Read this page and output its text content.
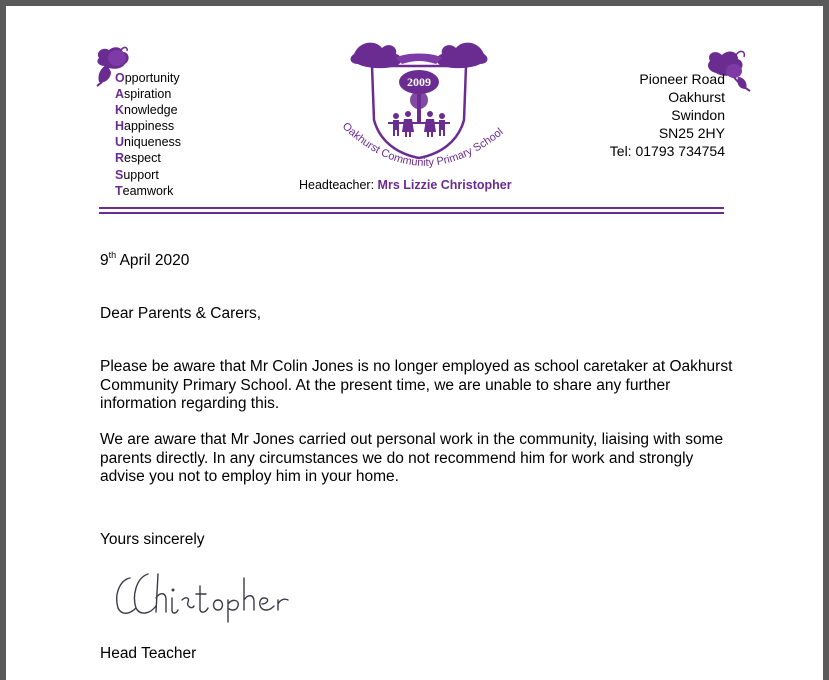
Opportunity
Aspiration
Knowledge
Happiness
Uniqueness
Respect
Support
Teamwork
2009
Oakhurst Community Primary School
Headteacher: Mrs Lizzie Christopher
Pioneer Road
Oakhurst
Swindon
SN25 2HY
Tel: 01793 734754

9th April 2020

Dear Parents & Carers,

Please be aware that Mr Colin Jones is no longer employed as school caretaker at Oakhurst Community Primary School. At the present time, we are unable to share any further information regarding this.

We are aware that Mr Jones carried out personal work in the community, liaising with some parents directly. In any circumstances we do not recommend him for work and strongly advise you not to employ him in your home.

Yours sincerely

Head Teacher
